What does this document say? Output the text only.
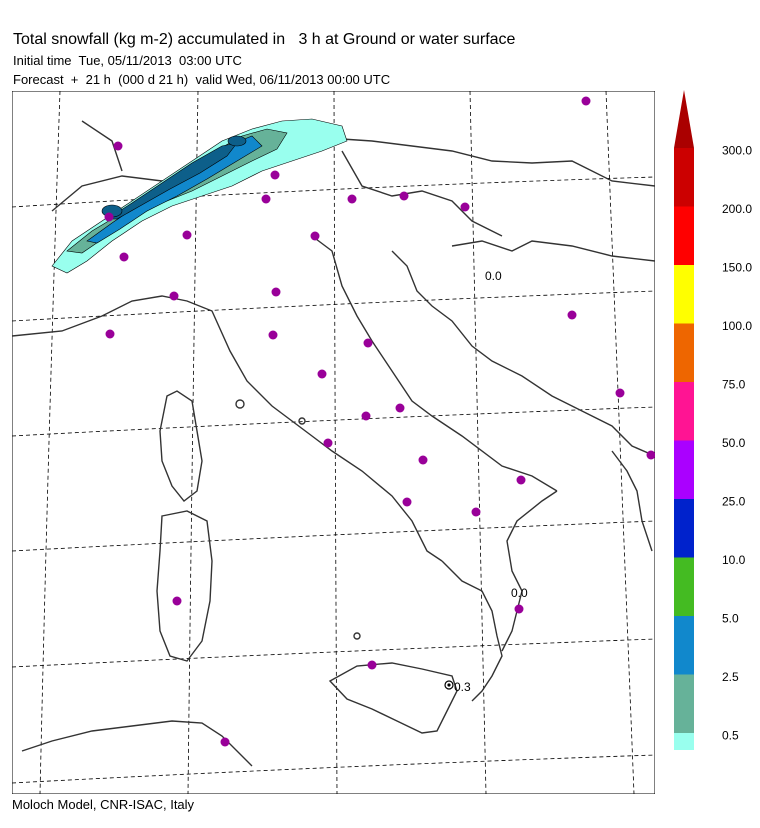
Total snowfall (kg m-2) accumulated in   3 h at Ground or water surface
Initial time  Tue, 05/11/2013  03:00 UTC
Forecast  +  21 h  (000 d 21 h)  valid Wed, 06/11/2013 00:00 UTC
0.0
0.0
0.3
300.0
200.0
150.0
100.0
75.0
50.0
25.0
10.0
5.0
2.5
0.5
Moloch Model, CNR-ISAC, Italy
